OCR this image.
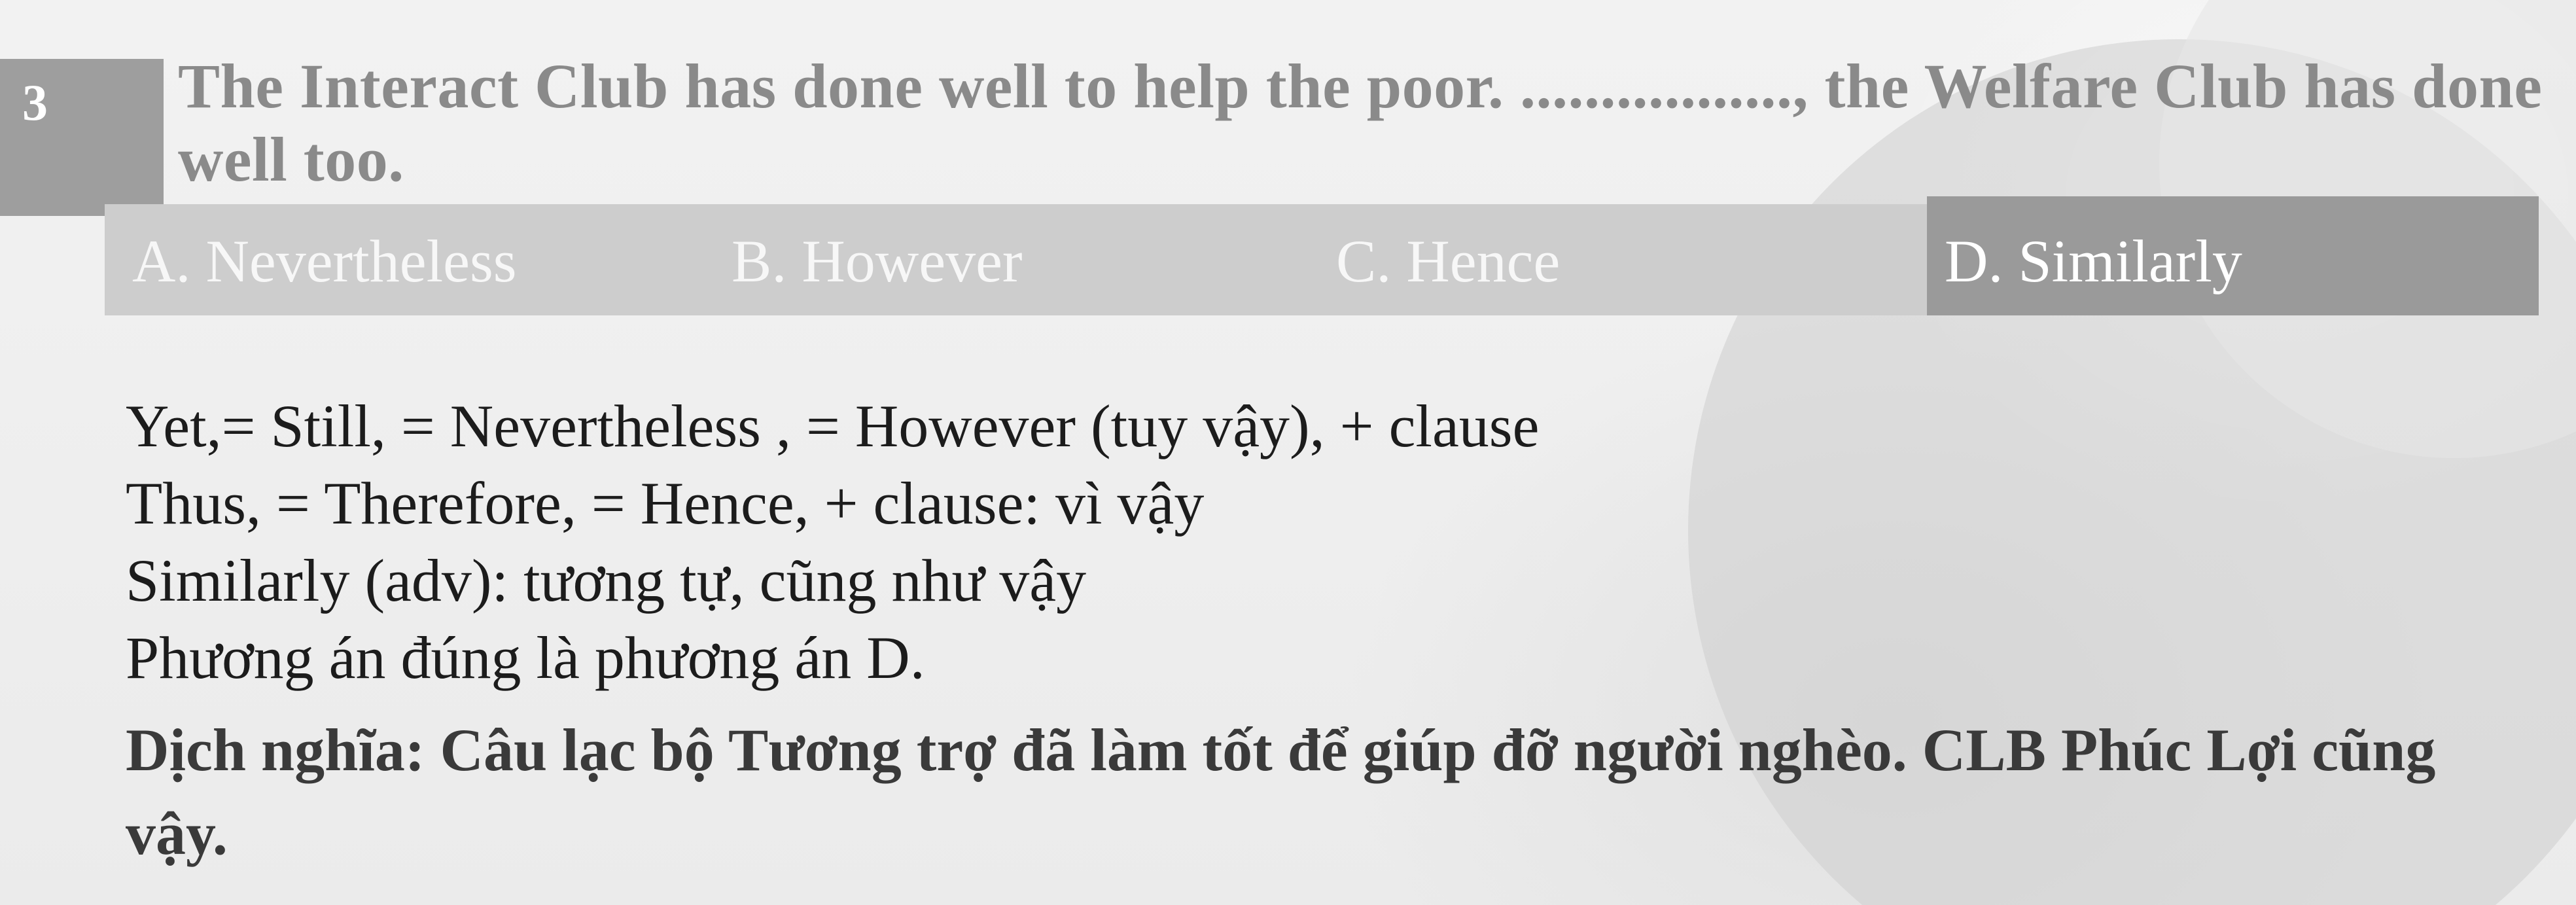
3 The Interact Club has done well to help the poor. ................., the Welfare Club has done well too.
A. Nevertheless	B. However	C. Hence	D. Similarly
Yet,= Still, = Nevertheless , = However (tuy vậy), + clause
Thus, = Therefore, = Hence, + clause: vì vậy
Similarly (adv): tương tự, cũng như vậy
Phương án đúng là phương án D.
Dịch nghĩa: Câu lạc bộ Tương trợ đã làm tốt để giúp đỡ người nghèo. CLB Phúc Lợi cũng vậy.
